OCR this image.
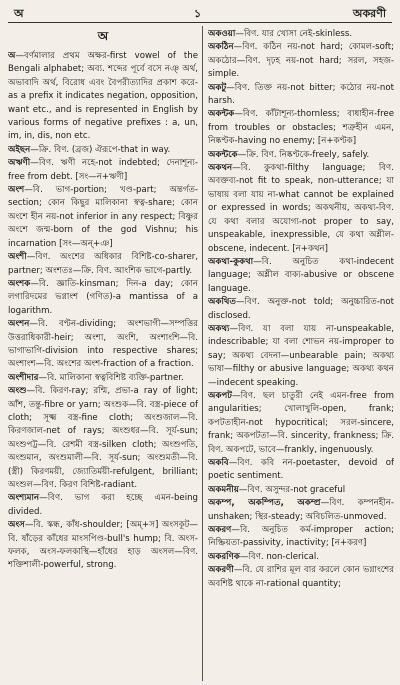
অ	১	অকরণী
অ

অ—বর্ণমালার প্রথম অক্ষর-first vowel of the Bengali alphabet; অব্য. শব্দের পূর্বে বসে নঞ্ অর্থ, অভাবাদি অর্থ, বিরোধ এবং বৈপরীত্যাদির প্রকাশ করে-as a prefix it indicates negation, opposition, want etc., and is represented in English by various forms of negative prefixes : a, un, im, in, dis, non etc.

অইছন—ক্রি. বিণ. (ব্রজ) ঐরূপে-that in way.

অঋণী—বিণ. ঋণী নহে-not indebted; দেনাশূন্য-free from debt. [সং—ন+ঋণী]

অংশ—বি. ভাগ-portion; খণ্ড-part; অন্তর্গত-section; কোন কিছুর মালিকানা স্বত্ব-share; কোন অংশে হীন নয়-not inferior in any respect; বিষ্ণুর অংশে জন্ম-born of the god Vishnu; his incarnation [সং—অন্+ঞ]

অংশী—বিণ. অংশের অধিকার বিশিষ্ট-co-sharer, partner; অংশতঃ—ক্রি. বিণ. আংশিক ভাগে-partly.

অংশক—বি. জ্ঞাতি-kinsman; দিন-a day; কোন লগারিদমের ভগ্নাংশ (গণিত)-a mantissa of a logarithm.

অংশন—বি. বণ্টন-dividing; অংশভাগী—সম্পত্তির উত্তরাধিকারী-heir; অংশা, অংশি, অংশাংশি—বি. ভাগাভাগি-division into respective shares; অংশাংশ—বি. অংশের অংশ-fraction of a fraction.

অংশীদার—বি. মালিকানা স্বত্ববিশিষ্ট ব্যক্তি-partner.

অংশু—বি. কিরণ-ray; রশ্মি, প্রভা-a ray of light; আঁশ, তন্তু-fibre or yarn; অংশুক—বি. বস্ত্র-piece of cloth; সূক্ষ্ম বস্ত্র-fine cloth; অংশুজাল—বি. কিরণজাল-net of rays; অংশুধর—বি. সূর্য-sun; অংশুপট্ট—বি. রেশমী বস্ত্র-silken cloth; অংশুপতি, অংশুমান, অংশুমালী—বি. সূর্য-sun; অংশুমতী—বি. (স্ত্রী) কিরণময়ী, জ্যোতির্ময়ী-refulgent, brilliant; অংশুল—বিণ. কিরণ বিশিষ্ট-radiant.

অংশ্যমান—বিণ. ভাগ করা হচ্ছে এমন-being divided.

অংস—বি. স্কন্ধ, কাঁধ-shoulder; [অম্+স] অংসকূট—বি. ষাঁড়ের কাঁধের মাংসপিণ্ড-bull's hump; বি. অংস-ফলক, অংস-ফলকাস্থি—হাঁধের হাড় অংসল—বিণ. শক্তিশালী-powerful, strong.

অকওয়া—বিণ. যার খোসা নেই-skinless.

অকঠিন—বিণ. কঠিন নয়-not hard; কোমল-soft; অকঠোর—বিণ. দৃঢ়হ নয়-not hard; সরল, সহজ-simple.

অকটু—বিণ. তিক্ত নয়-not bitter; কঠোর নয়-not harsh.

অকন্টক—বিণ. কাঁটাশূন্য-thornless; বাধাহীন-free from troubles or obstacles; শত্রুহীন এমন, নিষ্কণ্টক-having no enemy; [ন+কণ্টক]

অকন্টকে—ক্রি. বিণ. নিষ্কণ্টকে-freely, safely.

অকথন—বি. কুকথা-filthy language; বিণ. অবক্তব্য-not fit to speak, non-utterance; যা ভাষায় বলা যায় না-what cannot be explained or expressed in words; অকথনীয়, অকথ্য-বিণ. যে কথা বলার অযোগ্য-not proper to say, unspeakable, inexpressible, যে কথা অশ্লীল-obscene, indecent. [ন+কথন]

অকথা-কুকথা—বি. অনুচিত কথা-indecent language; অশ্লীল বাক্য-abusive or obscene language.

অকথিত—বিণ. অনুক্ত-not told; অনুচ্চারিত-not disclosed.

অকথ্য—বিণ. যা বলা যায় না-unspeakable, indescribable; যা বলা শোভন নয়-improper to say; অকথ্য বেদনা—unbearable pain; অকথ্য ভাষা—filthy or abusive language; অকথ্য কথন—indecent speaking.

অকপট—বিণ. ছল চাতুরী নেই এমন-free from angularities; খোলাখুলি-open, frank; কপটতাহীন-not hypocritical; সরল-sincere, frank; অকপটতা—বি. sincerity, frankness; ক্রি. বিণ. অকপটে, ভাবে—frankly, ingenuously.

অকবি—বিণ. কবি নন-poetaster, devoid of poetic sentiment.

অকমনীয়—বিণ. অসুন্দর-not graceful

অকম্প, অকম্পিত, অকম্প্র—বিণ. কম্পনহীন-unshaken; স্থির-steady; অবিচলিত-unmoved.

অকরণ—বি. অনুচিত কর্ম-improper action; নিষ্ক্রিয়তা-passivity, inactivity; [ন+করণ]

অকরণিক—বিণ. non-clerical.

অকরণী—বি. যে রাশির মূল বার করলে কোন ভগ্নাংশের অবশিষ্ট থাকে না-rational quantity;
